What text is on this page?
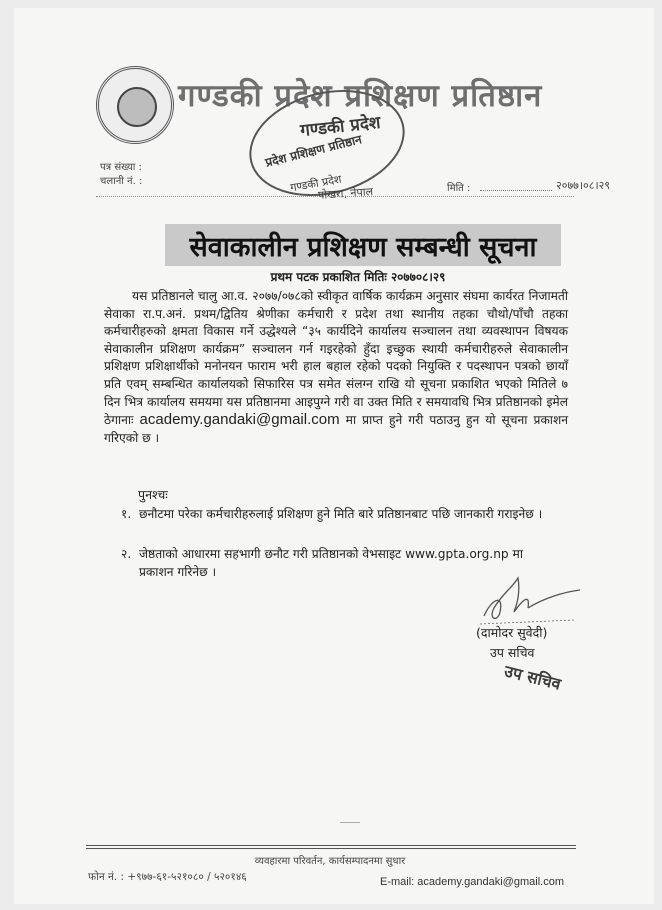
गण्डकी प्रदेश प्रशिक्षण प्रतिष्ठान
गण्डकी प्रदेश
प्रदेश प्रशिक्षण प्रतिष्ठान
गण्डकी प्रदेश
पोखरा, नेपाल
पत्र संख्या :
चलानी नं. :
मिति :	२०७७।०८।२९
सेवाकालीन प्रशिक्षण सम्बन्धी सूचना
प्रथम पटक प्रकाशित मितिः २०७७०८।२९
यस प्रतिष्ठानले चालु आ.व. २०७७/०७८को स्वीकृत वार्षिक कार्यक्रम अनुसार संघमा कार्यरत निजामती सेवाका रा.प.अनं. प्रथम/द्वितिय श्रेणीका कर्मचारी र प्रदेश तथा स्थानीय तहका चौथो/पाँचौ तहका कर्मचारीहरुको क्षमता विकास गर्ने उद्धेश्यले “३५ कार्यदिने कार्यालय सञ्चालन तथा व्यवस्थापन विषयक सेवाकालीन प्रशिक्षण कार्यक्रम” सञ्चालन गर्न गइरहेको हुँदा इच्छुक स्थायी कर्मचारीहरुले सेवाकालीन प्रशिक्षण प्रशिक्षार्थीको मनोनयन फाराम भरी हाल बहाल रहेको पदको नियुक्ति र पदस्थापन पत्रको छायाँ प्रति एवम् सम्बन्धित कार्यालयको सिफारिस पत्र समेत संलग्न राखि यो सूचना प्रकाशित भएको मितिले ७ दिन भित्र कार्यालय समयमा यस प्रतिष्ठानमा आइपुग्ने गरी वा उक्त मिति र समयावधि भित्र प्रतिष्ठानको इमेल ठेगानाः academy.gandaki@gmail.com मा प्राप्त हुने गरी पठाउनु हुन यो सूचना प्रकाशन गरिएको छ ।
पुनश्चः
१. छनौटमा परेका कर्मचारीहरुलाई प्रशिक्षण हुने मिति बारे प्रतिष्ठानबाट पछि जानकारी गराइनेछ ।
२. जेष्ठताको आधारमा सहभागी छनौट गरी प्रतिष्ठानको वेभसाइट www.gpta.org.np मा प्रकाशन गरिनेछ ।
(दामोदर सुवेदी)
उप सचिव
उप सचिव
व्यवहारमा परिवर्तन, कार्यसम्पादनमा सुधार
फोन नं. : +९७७-६१-५२१०८० / ५२०१४६	E-mail: academy.gandaki@gmail.com
